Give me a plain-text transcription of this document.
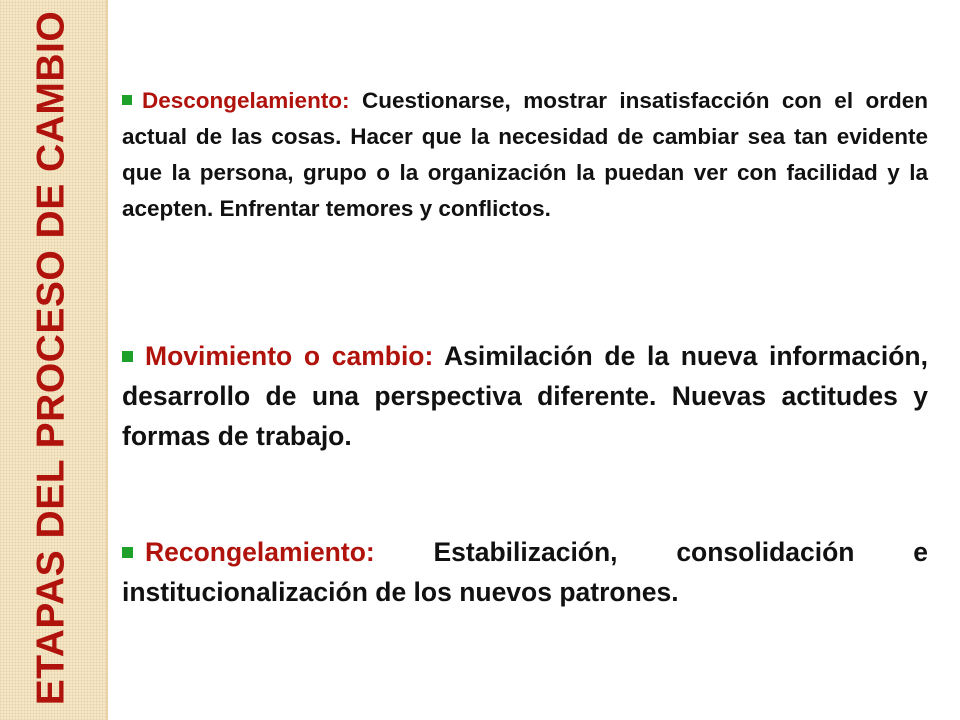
ETAPAS DEL PROCESO DE CAMBIO	Descongelamiento: Cuestionarse, mostrar insatisfacción con el orden actual de las cosas. Hacer que la necesidad de cambiar sea tan evidente que la persona, grupo o la organización la puedan ver con facilidad y la acepten. Enfrentar temores y conflictos.
Movimiento o cambio: Asimilación de la nueva información, desarrollo de una perspectiva diferente. Nuevas actitudes y formas de trabajo.
Recongelamiento: Estabilización, consolidación e institucionalización de los nuevos patrones.
